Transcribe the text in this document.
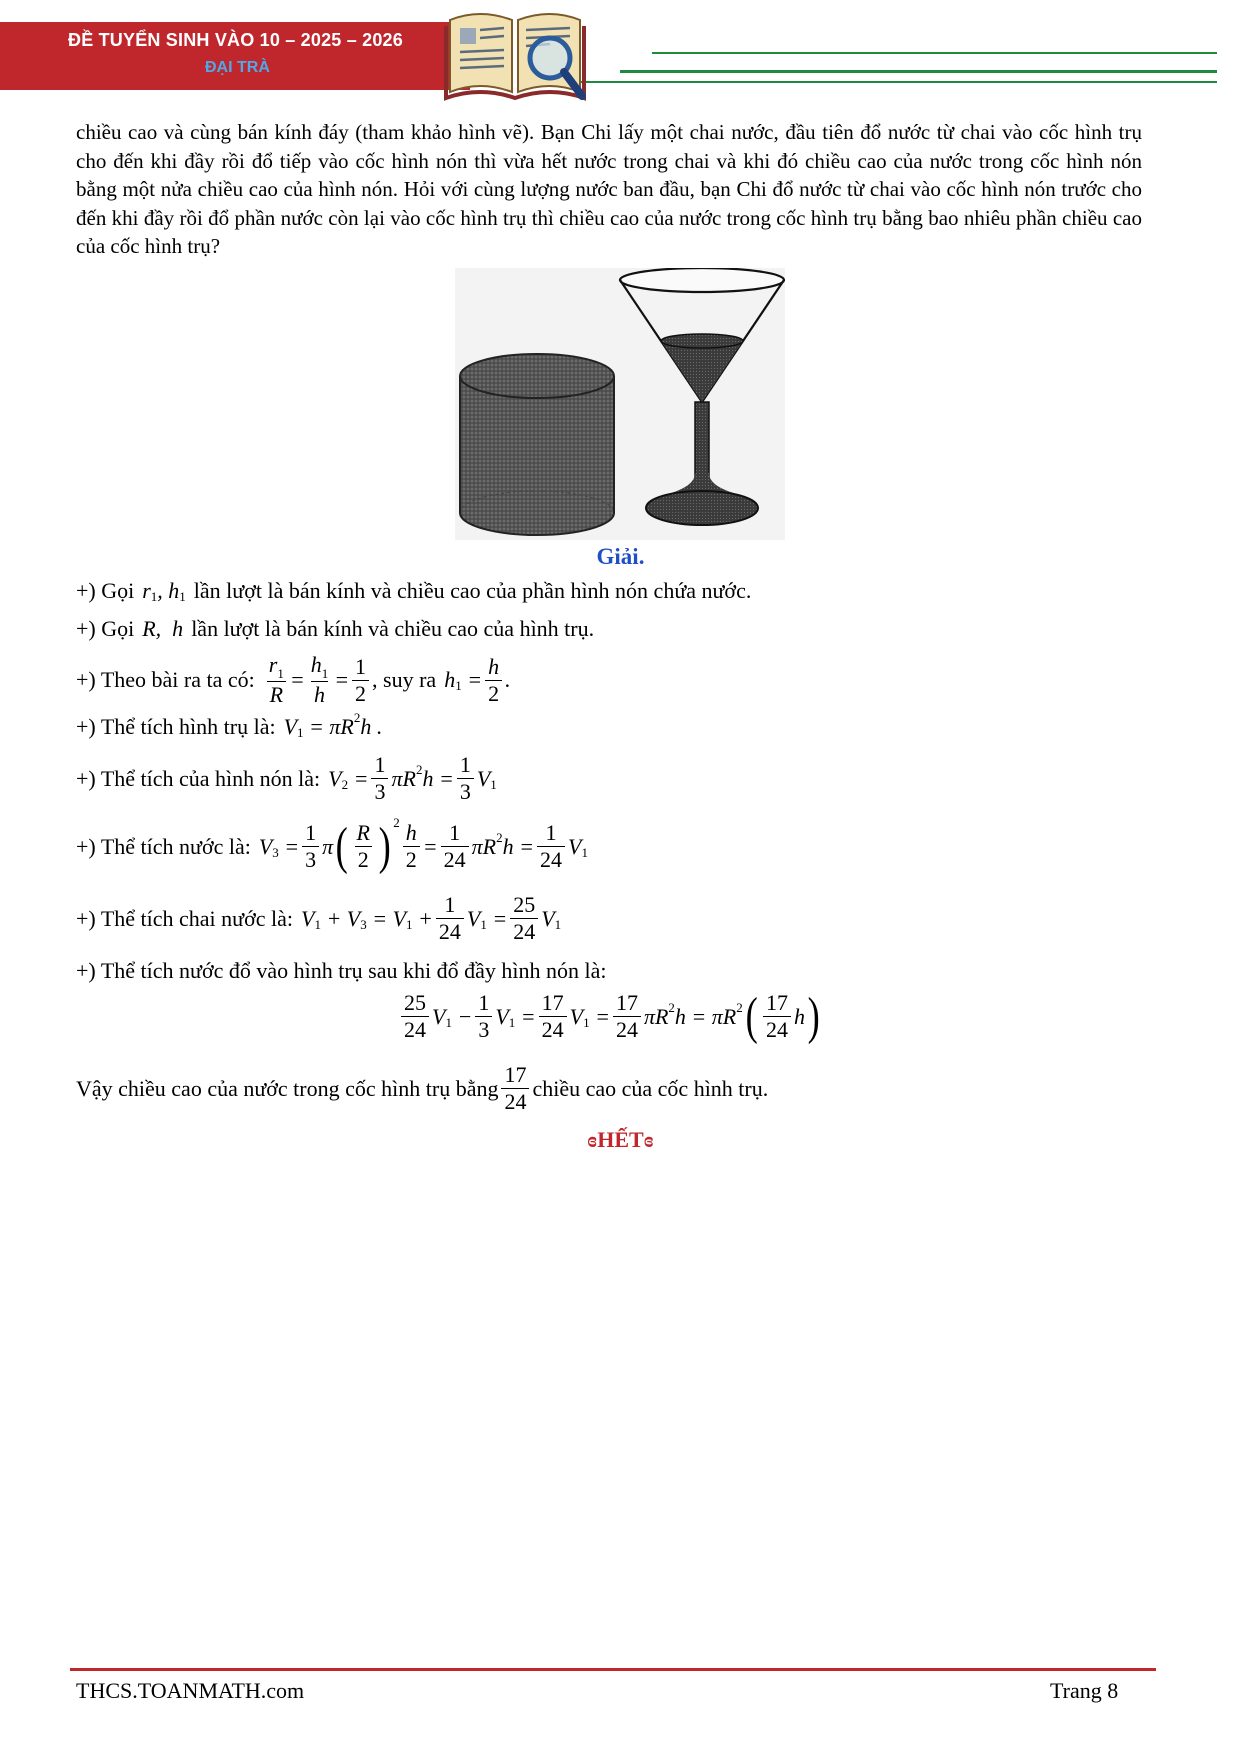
ĐỀ TUYỂN SINH VÀO 10 – 2025 – 2026
ĐẠI TRÀ
chiều cao và cùng bán kính đáy (tham khảo hình vẽ). Bạn Chi lấy một chai nước, đầu tiên đổ nước từ chai vào cốc hình trụ cho đến khi đầy rồi đổ tiếp vào cốc hình nón thì vừa hết nước trong chai và khi đó chiều cao của nước trong cốc hình nón bằng một nửa chiều cao của hình nón. Hỏi với cùng lượng nước ban đầu, bạn Chi đổ nước từ chai vào cốc hình nón trước cho đến khi đầy rồi đổ phần nước còn lại vào cốc hình trụ thì chiều cao của nước trong cốc hình trụ bằng bao nhiêu phần chiều cao của cốc hình trụ?
Giải.
+) Gọi r 1 , h 1 lần lượt là bán kính và chiều cao của phần hình nón chứa nước.
+) Gọi R,  h lần lượt là bán kính và chiều cao của hình trụ.
+) Theo bài ra ta có: $\frac{r_1}{R} = \frac{h_1}{h} = \frac{1}{2}$ , suy ra h $1 = \frac{h}{2}$ .
+) Thể tích hình trụ là: V 1 = πR 2 h .
+) Thể tích của hình nón là: V $2 = \frac{1}{3}$ πR 2 $h = \frac{1}{3}$ V 1
+) Thể tích nước là: V $3 = \frac{1}{3}$ π ( $\frac{R}{2}$ ) $2 \frac{h}{2} = \frac{1}{24}$ πR 2 $h = \frac{1}{24}$ V 1
+) Thể tích chai nước là: V 1 + V 3 = V $1 + \frac{1}{24}$ V $1 = \frac{25}{24}$ V 1
+) Thể tích nước đổ vào hình trụ sau khi đổ đầy hình nón là:
$\frac{25}{24}$ V $1 - \frac{1}{3}$ V $1 = \frac{17}{24}$ V $1 = \frac{17}{24}$ πR 2 h = πR 2 ( $\frac{17}{24}$ h )
Vậy chiều cao của nước trong cốc hình trụ bằng $\frac{17}{24}$ chiều cao của cốc hình trụ.
ɞHẾTɞ
THCS.TOANMATH.com	Trang 8
